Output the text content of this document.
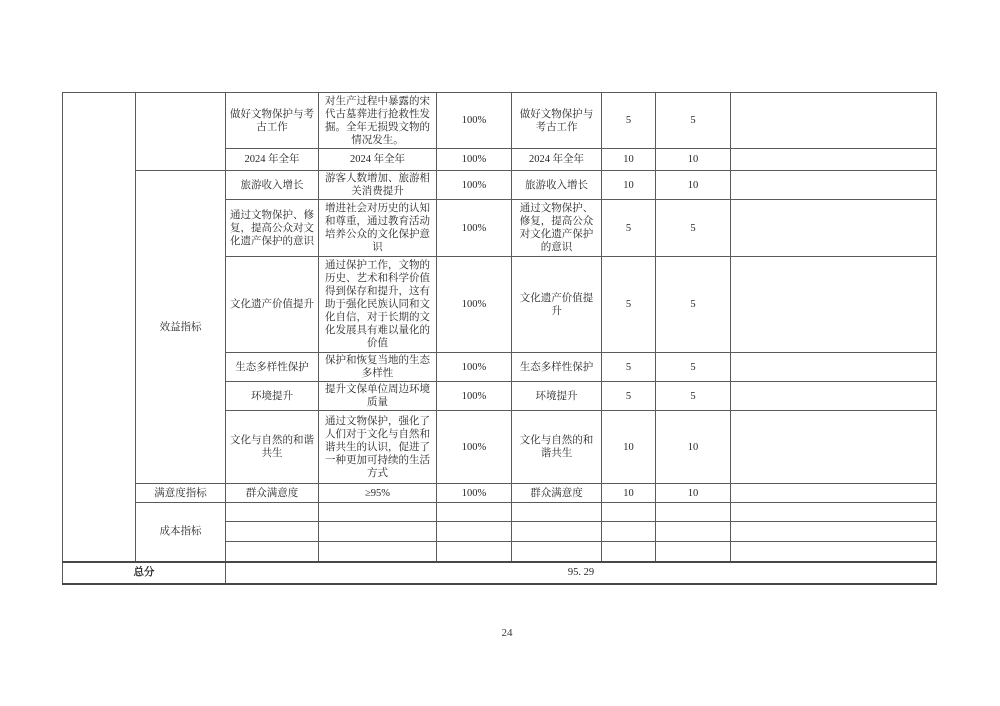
		做好文物保护与考古工作	对生产过程中暴露的宋代古墓葬进行抢救性发掘。全年无损毁文物的情况发生。	100%	做好文物保护与考古工作	5	5	
		2024 年全年	2024 年全年	100%	2024 年全年	10	10	
	效益指标	旅游收入增长	游客人数增加、旅游相关消费提升	100%	旅游收入增长	10	10	
		通过文物保护、修复，提高公众对文化遗产保护的意识	增进社会对历史的认知和尊重，通过教育活动培养公众的文化保护意识	100%	通过文物保护、修复，提高公众对文化遗产保护的意识	5	5	
		文化遗产价值提升	通过保护工作，文物的历史、艺术和科学价值得到保存和提升，这有助于强化民族认同和文化自信，对于长期的文化发展具有难以量化的价值	100%	文化遗产价值提升	5	5	
		生态多样性保护	保护和恢复当地的生态多样性	100%	生态多样性保护	5	5	
		环境提升	提升文保单位周边环境质量	100%	环境提升	5	5	
		文化与自然的和谐共生	通过文物保护，强化了人们对于文化与自然和谐共生的认识，促进了一种更加可持续的生活方式	100%	文化与自然的和谐共生	10	10	
	满意度指标	群众满意度	≥95%	100%	群众满意度	10	10	
	成本指标							

总分		95. 29						
24
